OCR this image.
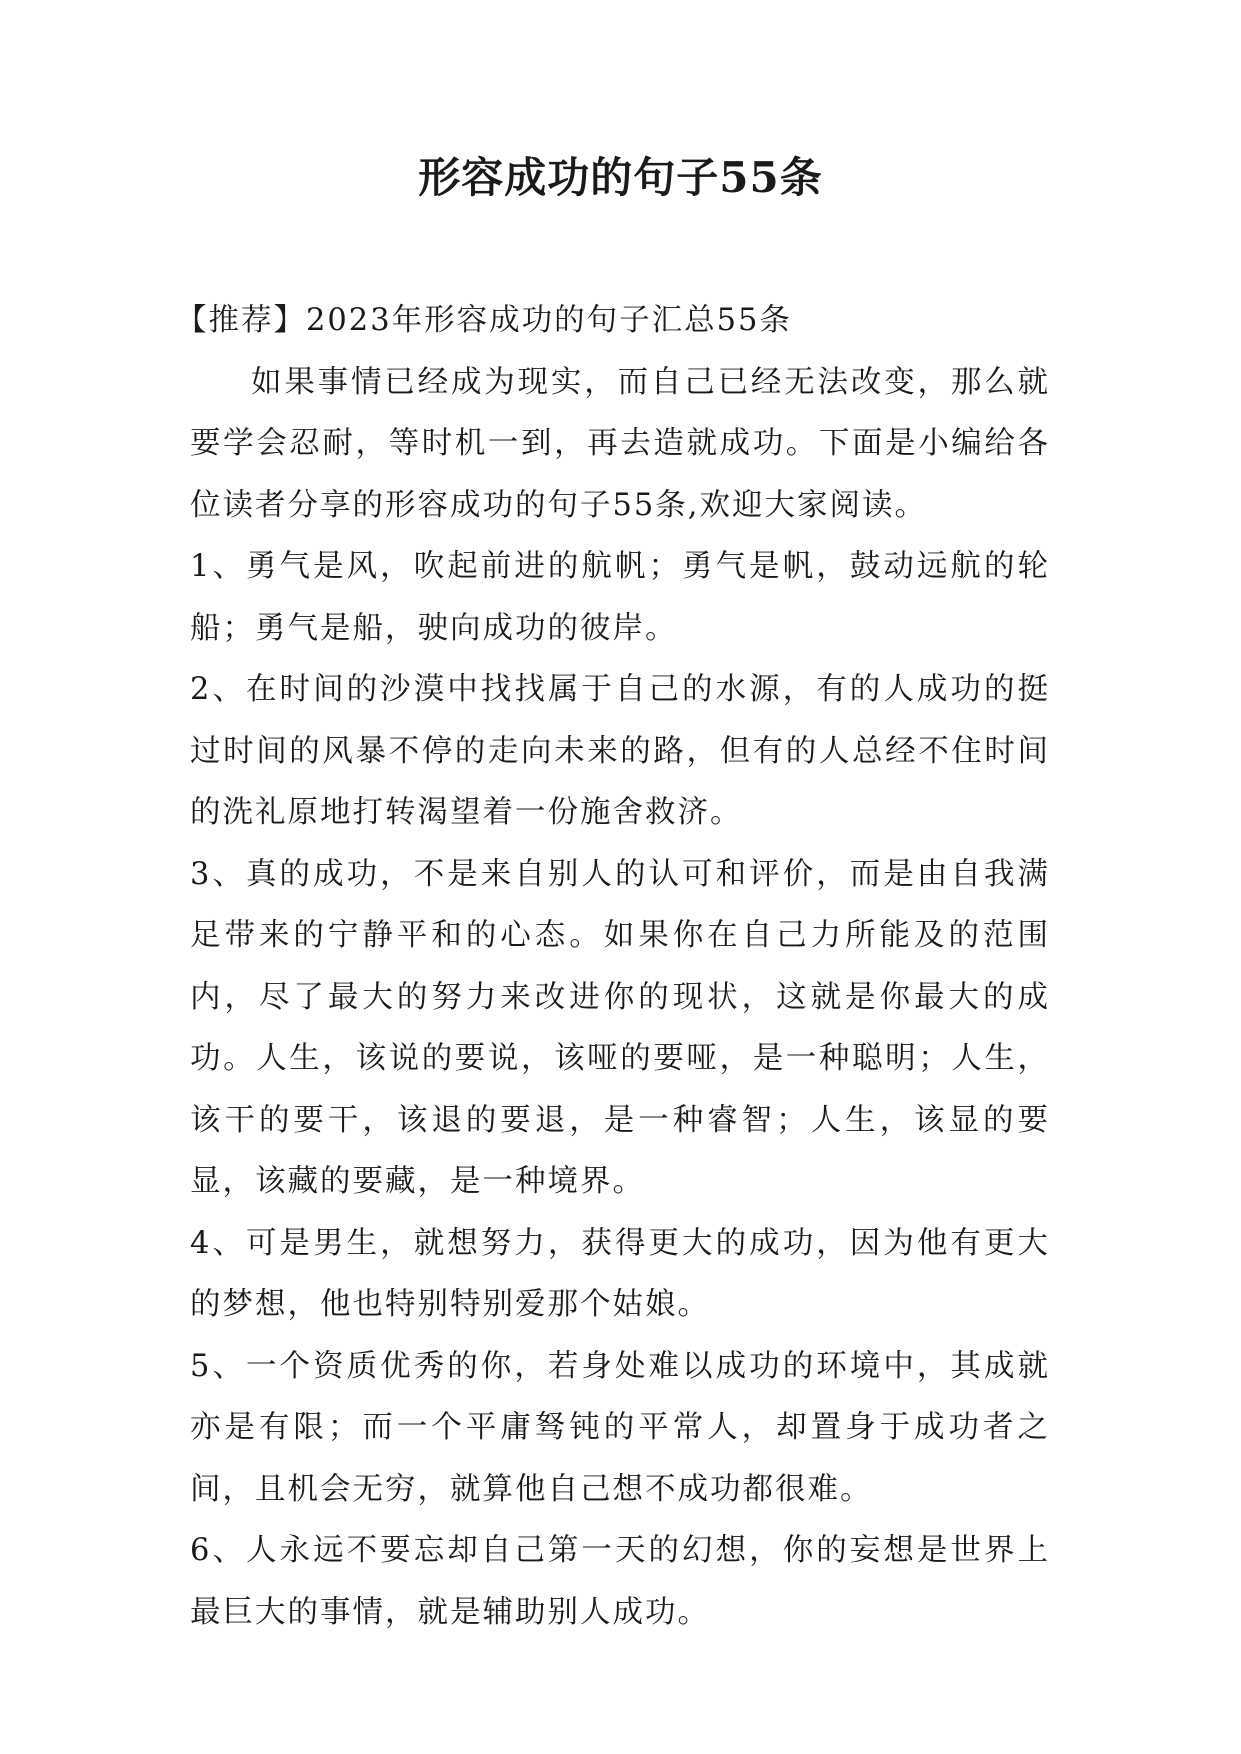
形容成功的句子55条

【推荐】2023年形容成功的句子汇总55条

如果事情已经成为现实，而自己已经无法改变，那么就要学会忍耐，等时机一到，再去造就成功。下面是小编给各位读者分享的形容成功的句子55条,欢迎大家阅读。

1、勇气是风，吹起前进的航帆；勇气是帆，鼓动远航的轮船；勇气是船，驶向成功的彼岸。

2、在时间的沙漠中找找属于自己的水源，有的人成功的挺过时间的风暴不停的走向未来的路，但有的人总经不住时间的洗礼原地打转渴望着一份施舍救济。

3、真的成功，不是来自别人的认可和评价，而是由自我满足带来的宁静平和的心态。如果你在自己力所能及的范围内，尽了最大的努力来改进你的现状，这就是你最大的成功。人生，该说的要说，该哑的要哑，是一种聪明；人生，该干的要干，该退的要退，是一种睿智；人生，该显的要显，该藏的要藏，是一种境界。

4、可是男生，就想努力，获得更大的成功，因为他有更大的梦想，他也特别特别爱那个姑娘。

5、一个资质优秀的你，若身处难以成功的环境中，其成就亦是有限；而一个平庸驽钝的平常人，却置身于成功者之间，且机会无穷，就算他自己想不成功都很难。

6、人永远不要忘却自己第一天的幻想，你的妄想是世界上最巨大的事情，就是辅助别人成功。
